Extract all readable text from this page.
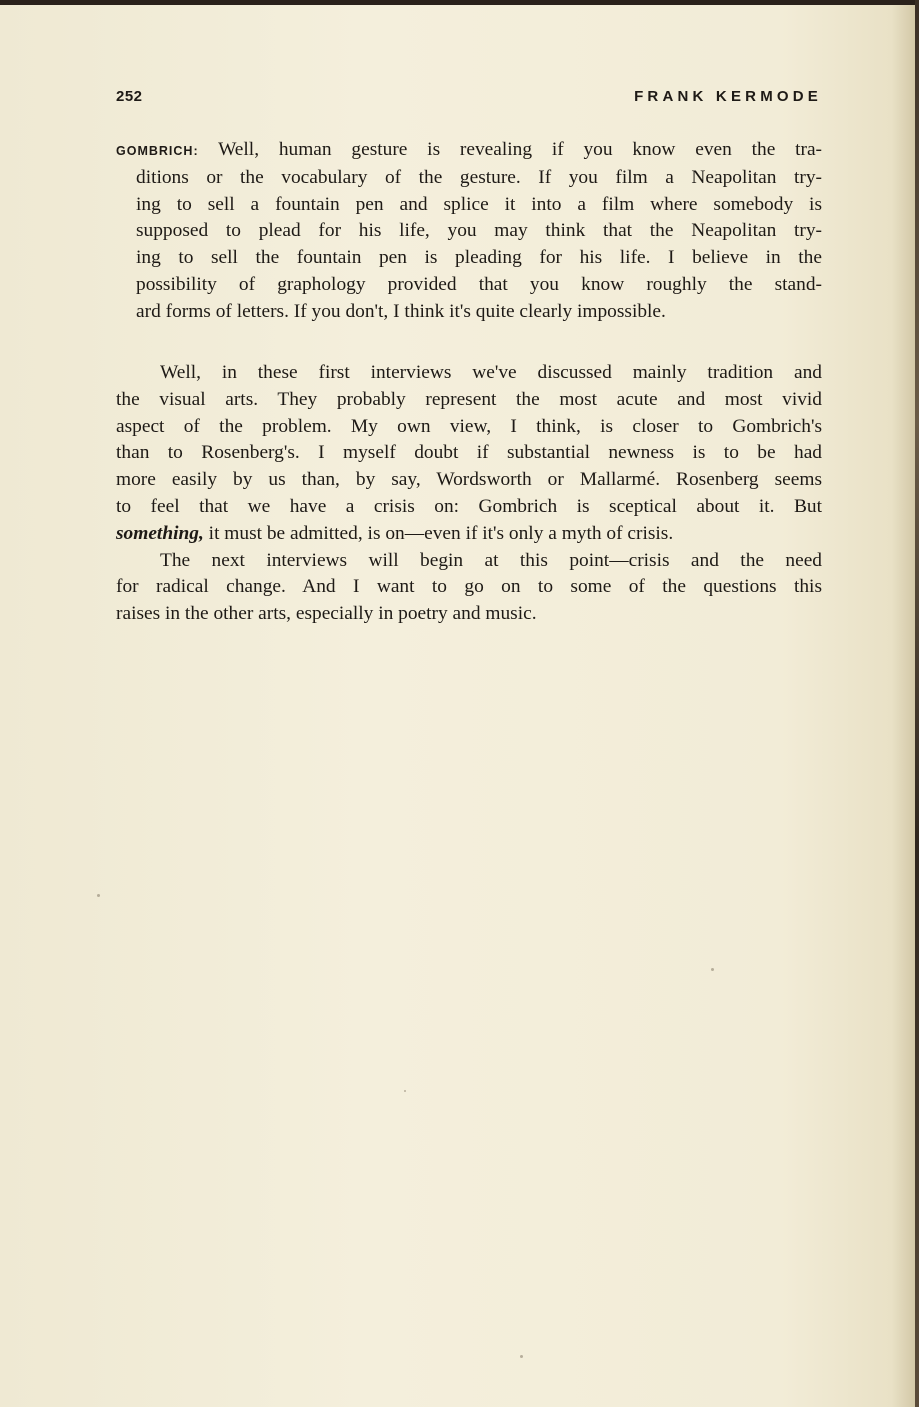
252	FRANK KERMODE
GOMBRICH: Well, human gesture is revealing if you know even the tra-
ditions or the vocabulary of the gesture. If you film a Neapolitan try-
ing to sell a fountain pen and splice it into a film where somebody is
supposed to plead for his life, you may think that the Neapolitan try-
ing to sell the fountain pen is pleading for his life. I believe in the
possibility of graphology provided that you know roughly the stand-
ard forms of letters. If you don't, I think it's quite clearly impossible.
Well, in these first interviews we've discussed mainly tradition and
the visual arts. They probably represent the most acute and most vivid
aspect of the problem. My own view, I think, is closer to Gombrich's
than to Rosenberg's. I myself doubt if substantial newness is to be had
more easily by us than, by say, Wordsworth or Mallarmé. Rosenberg seems
to feel that we have a crisis on: Gombrich is sceptical about it. But
something, it must be admitted, is on—even if it's only a myth of crisis.
The next interviews will begin at this point—crisis and the need
for radical change. And I want to go on to some of the questions this
raises in the other arts, especially in poetry and music.
